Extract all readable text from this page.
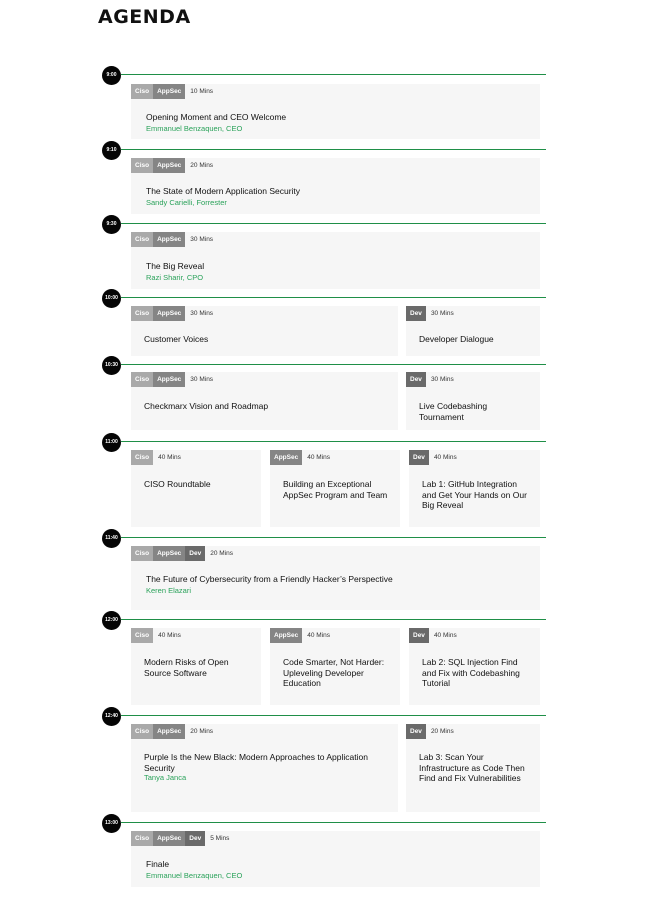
AGENDA
9:00
Ciso	AppSec	10 Mins
Opening Moment and CEO Welcome
Emmanuel Benzaquen, CEO
9:10
Ciso	AppSec	20 Mins
The State of Modern Application Security
Sandy Carielli, Forrester
9:30
Ciso	AppSec	30 Mins
The Big Reveal
Razi Sharir, CPO
10:00
Ciso	AppSec	30 Mins
Customer Voices
Dev	30 Mins
Developer Dialogue
10:30
Ciso	AppSec	30 Mins
Checkmarx Vision and Roadmap
Dev	30 Mins
Live Codebashing Tournament
11:00
Ciso	40 Mins
CISO Roundtable
AppSec	40 Mins
Building an Exceptional AppSec Program and Team
Dev	40 Mins
Lab 1: GitHub Integration and Get Your Hands on Our Big Reveal
11:40
Ciso	AppSec	Dev	20 Mins
The Future of Cybersecurity from a Friendly Hacker’s Perspective
Keren Elazari
12:00
Ciso	40 Mins
Modern Risks of Open Source Software
AppSec	40 Mins
Code Smarter, Not Harder: Upleveling Developer Education
Dev	40 Mins
Lab 2: SQL Injection Find and Fix with Codebashing Tutorial
12:40
Ciso	AppSec	20 Mins
Purple Is the New Black: Modern Approaches to Application Security
Tanya Janca
Dev	20 Mins
Lab 3: Scan Your Infrastructure as Code Then Find and Fix Vulnerabilities
13:00
Ciso	AppSec	Dev	5 Mins
Finale
Emmanuel Benzaquen, CEO
